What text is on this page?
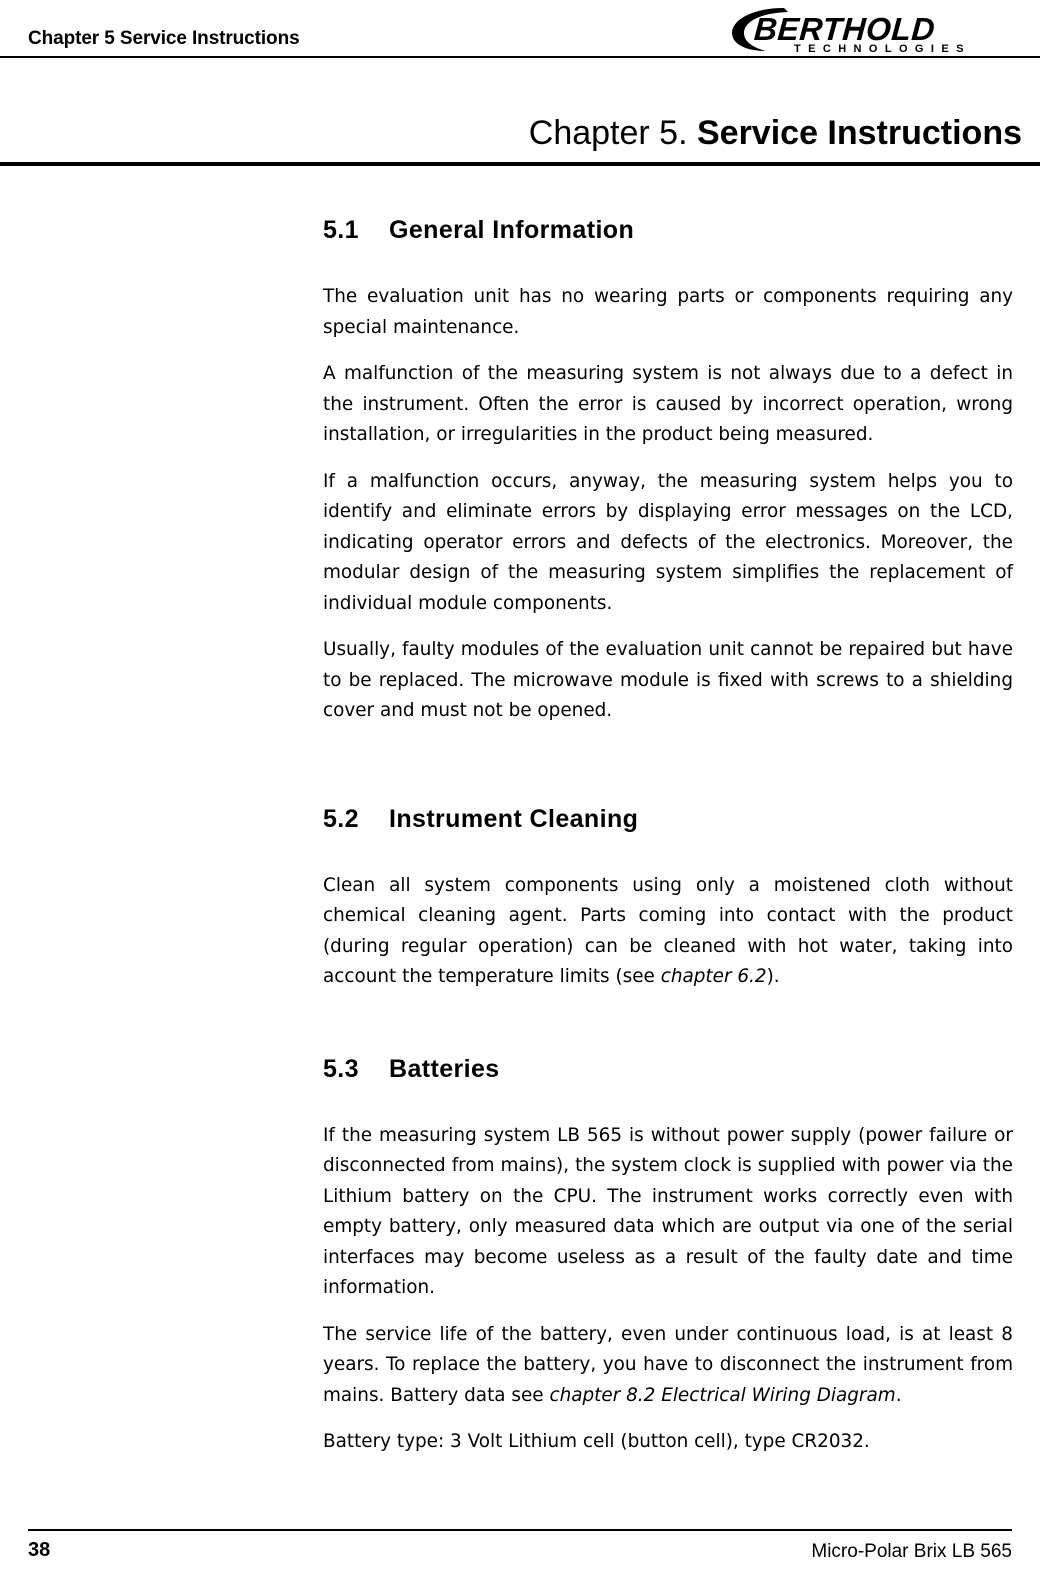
Chapter 5 Service Instructions	BERTHOLD
TECHNOLOGIES
Chapter 5. Service Instructions
5.1 General Information

The evaluation unit has no wearing parts or components requiring any special maintenance.

A malfunction of the measuring system is not always due to a defect in the instrument. Often the error is caused by incorrect operation, wrong installation, or irregularities in the product being measured.

If a malfunction occurs, anyway, the measuring system helps you to identify and eliminate errors by displaying error messages on the LCD, indicating operator errors and defects of the electronics. Moreover, the modular design of the measuring system simplifies the replacement of individual module components.

Usually, faulty modules of the evaluation unit cannot be repaired but have to be replaced. The microwave module is fixed with screws to a shielding cover and must not be opened.

5.2 Instrument Cleaning

Clean all system components using only a moistened cloth without chemical cleaning agent. Parts coming into contact with the product (during regular operation) can be cleaned with hot water, taking into account the temperature limits (see chapter 6.2).

5.3 Batteries

If the measuring system LB 565 is without power supply (power failure or disconnected from mains), the system clock is supplied with power via the Lithium battery on the CPU. The instrument works correctly even with empty battery, only measured data which are output via one of the serial interfaces may become useless as a result of the faulty date and time information.

The service life of the battery, even under continuous load, is at least 8 years. To replace the battery, you have to disconnect the instrument from mains. Battery data see chapter 8.2 Electrical Wiring Diagram.

Battery type: 3 Volt Lithium cell (button cell), type CR2032.

38	Micro-Polar Brix LB 565
